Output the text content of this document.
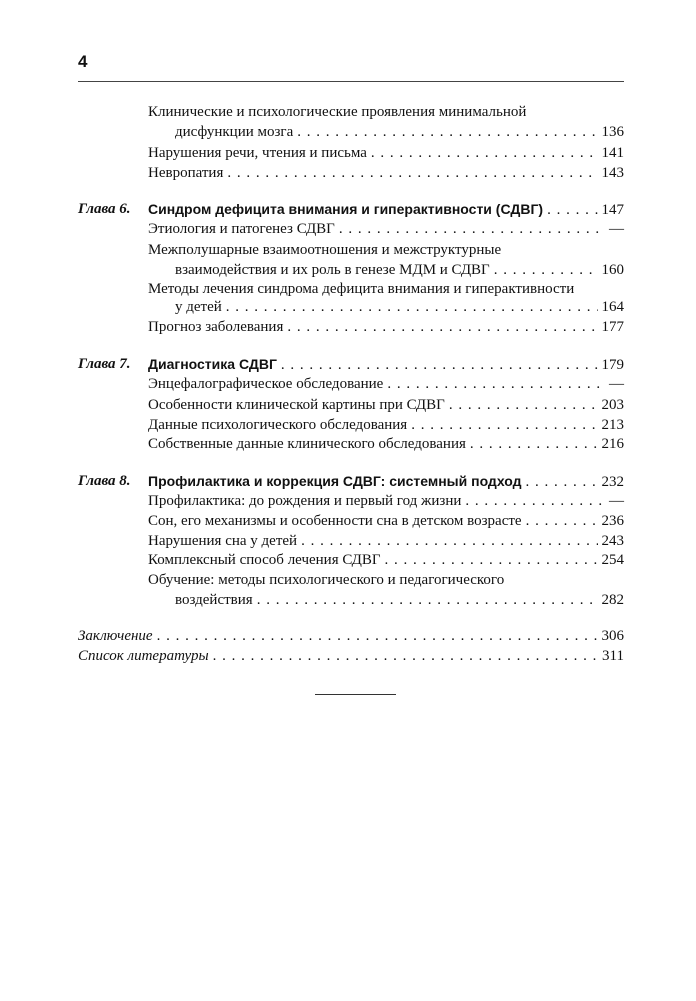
4
Клинические и психологические проявления минимальной
дисфункции мозга . . .	136
Нарушения речи, чтения и письма . . .	141
Невропатия . . .	143
Глава 6. Синдром дефицита внимания и гиперактивности (СДВГ) . . .	147
Этиология и патогенез СДВГ . . .	—
Межполушарные взаимоотношения и межструктурные
взаимодействия и их роль в генезе МДМ и СДВГ . . .	160
Методы лечения синдрома дефицита внимания и гиперактивности
у детей . . .	164
Прогноз заболевания . . .	177
Глава 7. Диагностика СДВГ . . .	179
Энцефалографическое обследование . . .	—
Особенности клинической картины при СДВГ . . .	203
Данные психологического обследования . . .	213
Собственные данные клинического обследования . . .	216
Глава 8. Профилактика и коррекция СДВГ: системный подход . . .	232
Профилактика: до рождения и первый год жизни . . .	—
Сон, его механизмы и особенности сна в детском возрасте . . .	236
Нарушения сна у детей . . .	243
Комплексный способ лечения СДВГ . . .	254
Обучение: методы психологического и педагогического
воздействия . . .	282
Заключение . . .	306
Список литературы . . .	311
